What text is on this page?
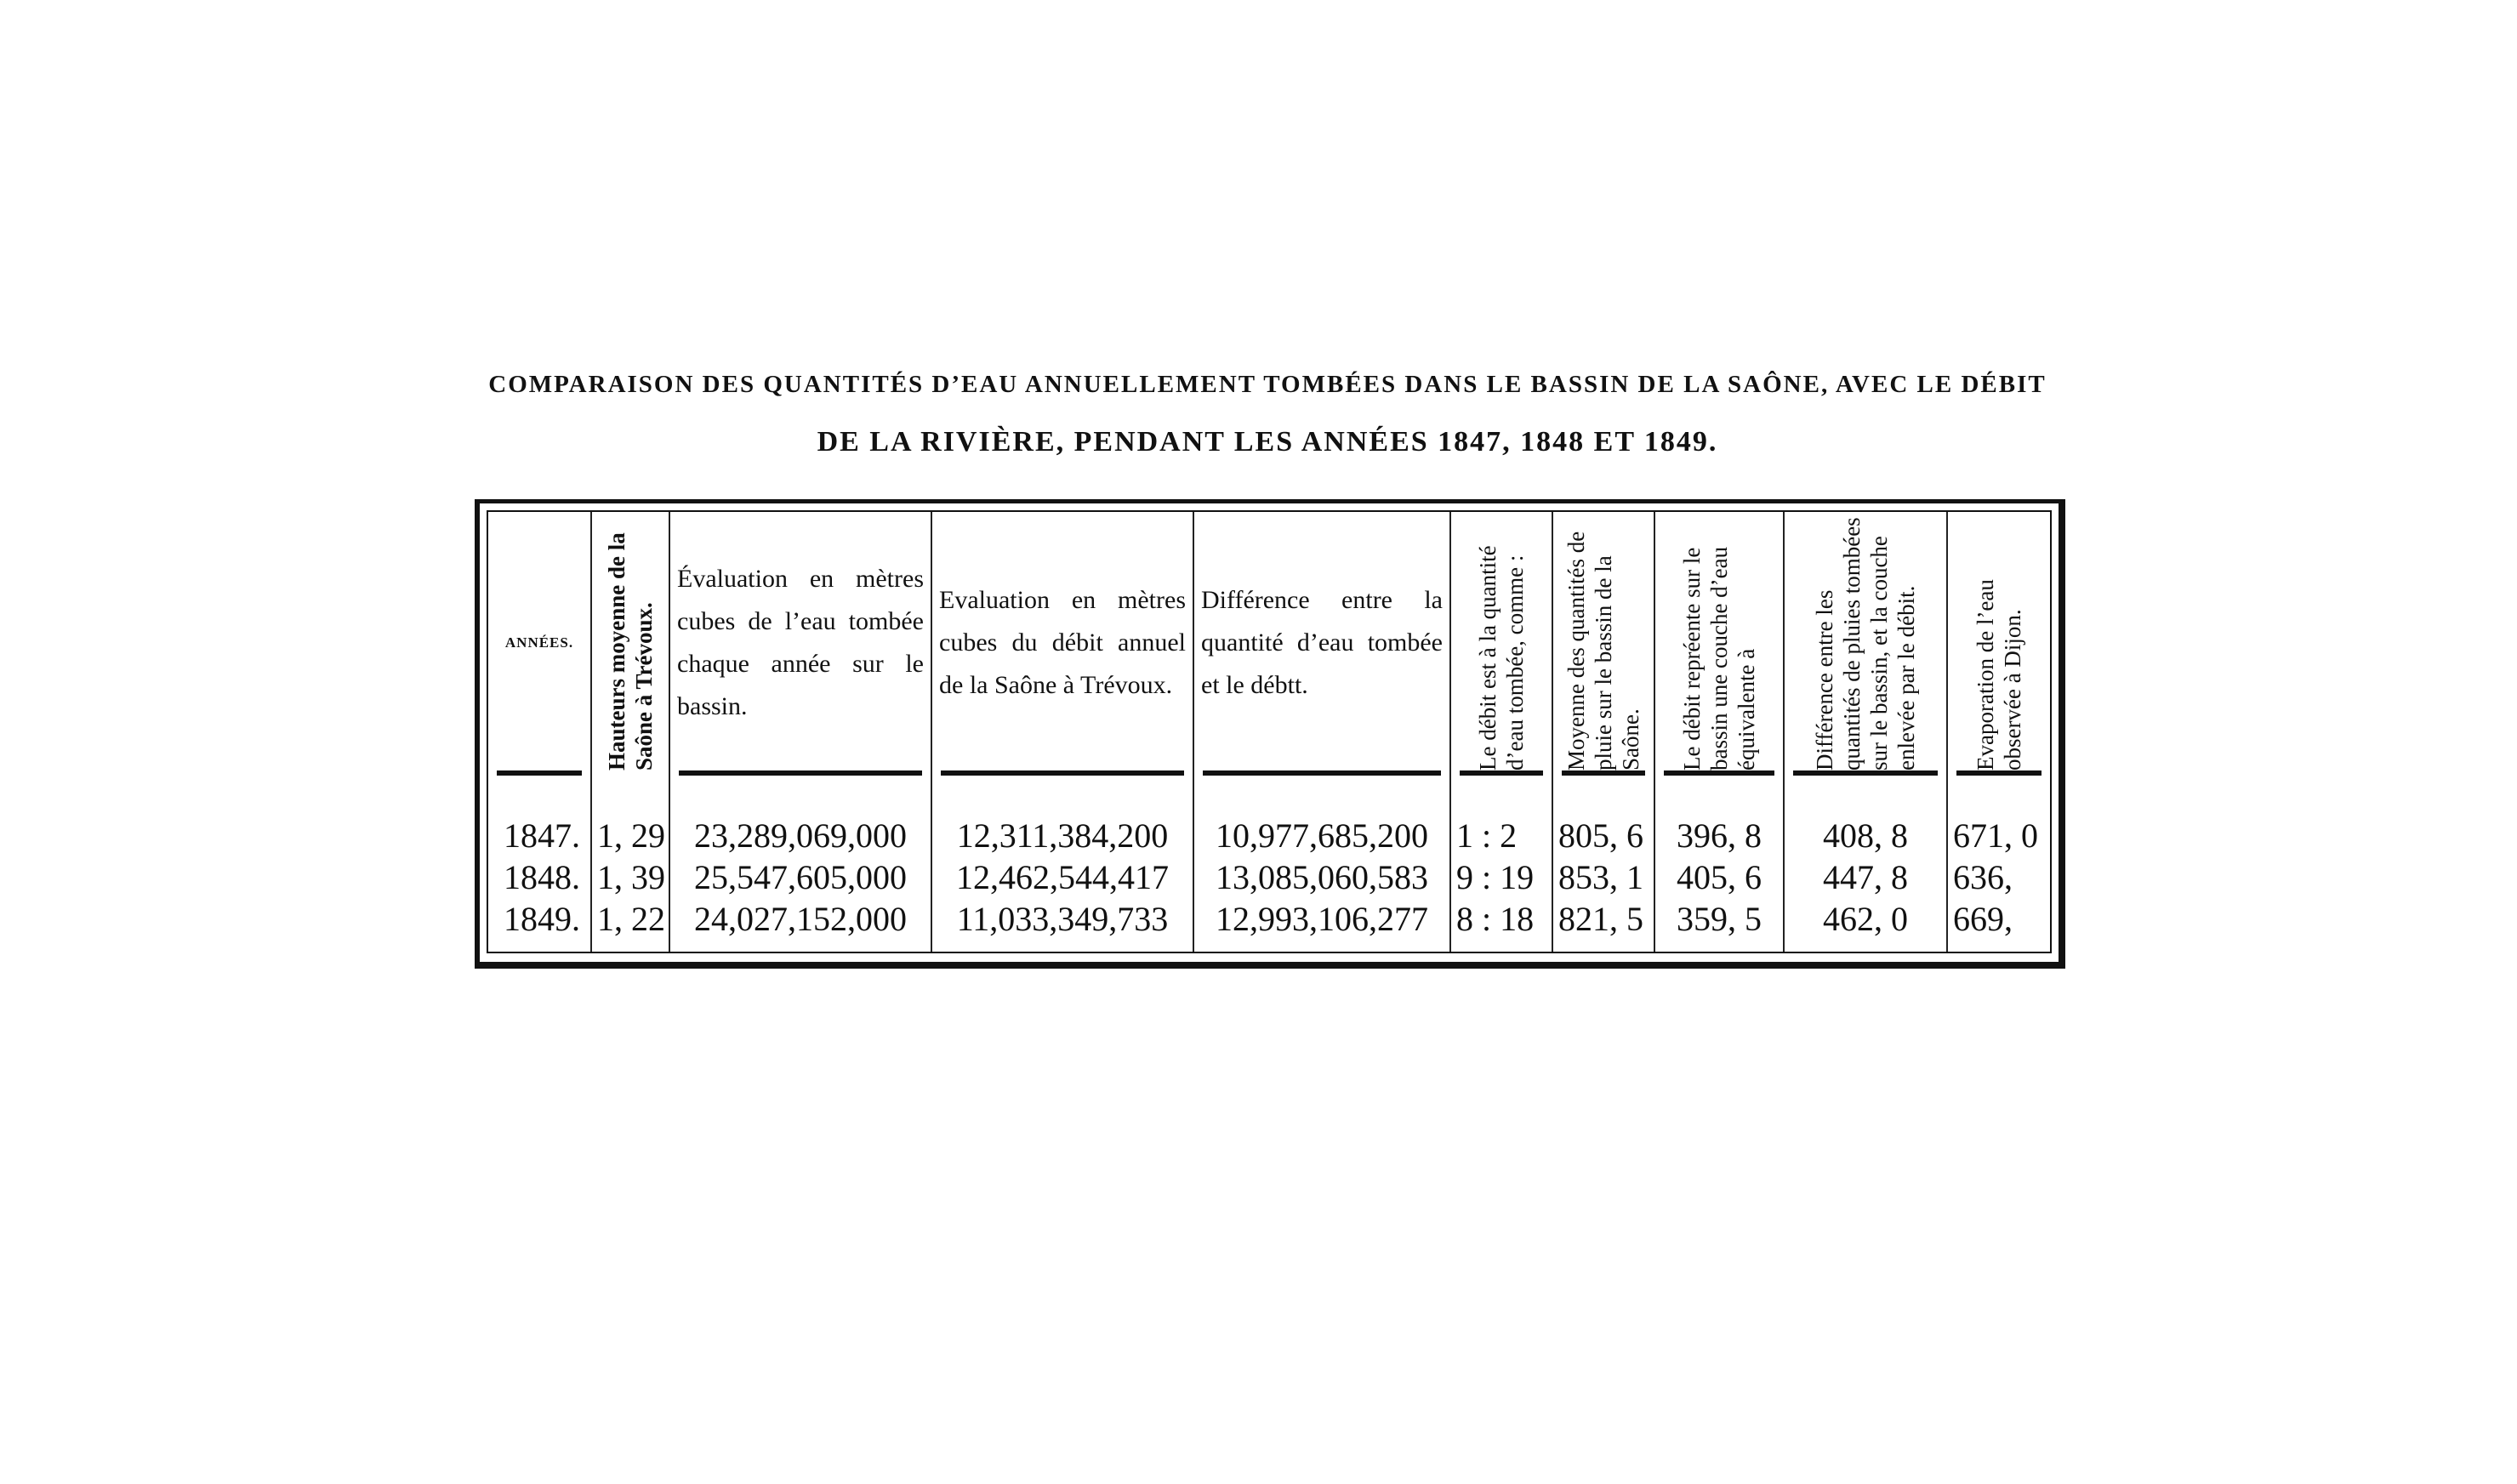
COMPARAISON DES QUANTITÉS D’EAU ANNUELLEMENT TOMBÉES DANS LE BASSIN DE LA SAÔNE, AVEC LE DÉBIT
DE LA RIVIÈRE, PENDANT LES ANNÉES 1847, 1848 ET 1849.
ANNÉES.
1847.
1848.
1849.
Hauteurs moyenne de la Saône à Trévoux.
1, 29
1, 39
1, 22
Évaluation en mètres cubes de l’eau tombée chaque année sur le bassin.
23,289,069,000
25,547,605,000
24,027,152,000
Evaluation en mètres cubes du débit annuel de la Saône à Trévoux.
12,311,384,200
12,462,544,417
11,033,349,733
Différence entre la quantité d’eau tombée et le débtt.
10,977,685,200
13,085,060,583
12,993,106,277
Le débit est à la quantité d’eau tombée, comme :
1 : 2
9 : 19
8 : 18
Moyenne des quantités de pluie sur le bassin de la Saône.
805, 6
853, 1
821, 5
Le débit repréente sur le bassin une couche d’eau équivalente à
396, 8
405, 6
359, 5
Différence entre les quantités de pluies tombées sur le bassin, et la couche enlevée par le débit.
408, 8
447, 8
462, 0
Evaporation de l’eau observée à Dijon.
671, 0
636,
669,
